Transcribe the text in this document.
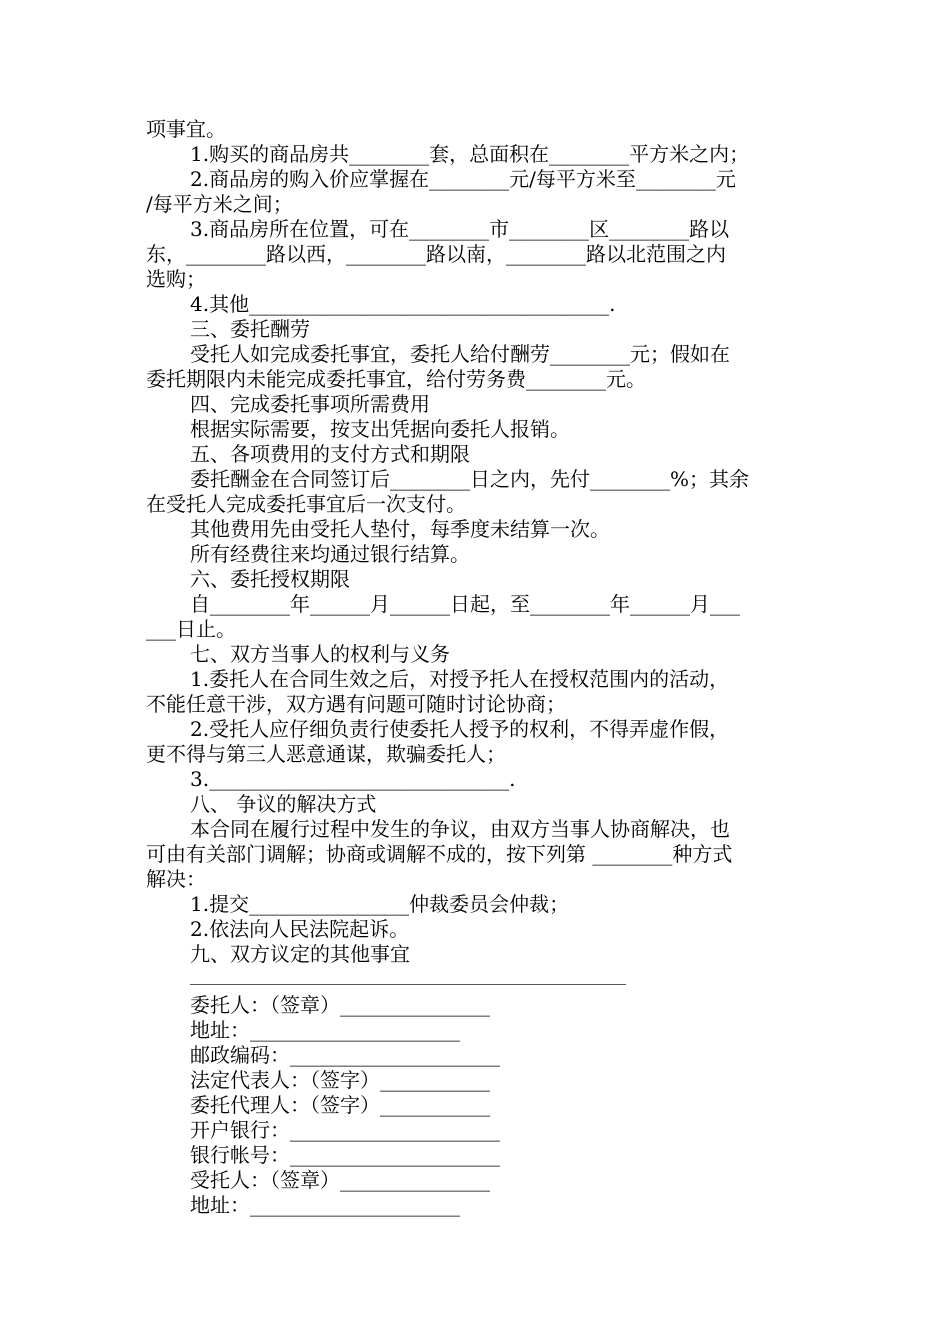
项事宜。
1.购买的商品房共________套，总面积在________平方米之内；
2.商品房的购入价应掌握在________元/每平方米至________元
/每平方米之间；
3.商品房所在位置，可在________市________区________路以
东，________路以西，________路以南，________路以北范围之内
选购；
4.其他____________________________________.
三、委托酬劳
受托人如完成委托事宜，委托人给付酬劳________元；假如在
委托期限内未能完成委托事宜，给付劳务费________元。
四、完成委托事项所需费用
根据实际需要，按支出凭据向委托人报销。
五、各项费用的支付方式和期限
委托酬金在合同签订后________日之内，先付________%；其余
在受托人完成委托事宜后一次支付。
其他费用先由受托人垫付，每季度未结算一次。
所有经费往来均通过银行结算。
六、委托授权期限
自________年______月______日起，至________年______月___
___日止。
七、双方当事人的权利与义务
1.委托人在合同生效之后，对授予托人在授权范围内的活动，
不能任意干涉，双方遇有问题可随时讨论协商；
2.受托人应仔细负责行使委托人授予的权利，不得弄虚作假，
更不得与第三人恶意通谋，欺骗委托人；
3.______________________________.
八、 争议的解决方式
本合同在履行过程中发生的争议，由双方当事人协商解决，也
可由有关部门调解；协商或调解不成的，按下列第 ________种方式
解决：
1.提交________________仲裁委员会仲裁；
2.依法向人民法院起诉。
九、双方议定的其他事宜
委托人：（签章）_______________
地址：_____________________
邮政编码：_____________________
法定代表人：（签字）___________
委托代理人：（签字）___________
开户银行：_____________________
银行帐号：_____________________
受托人：（签章）_______________
地址：_____________________
